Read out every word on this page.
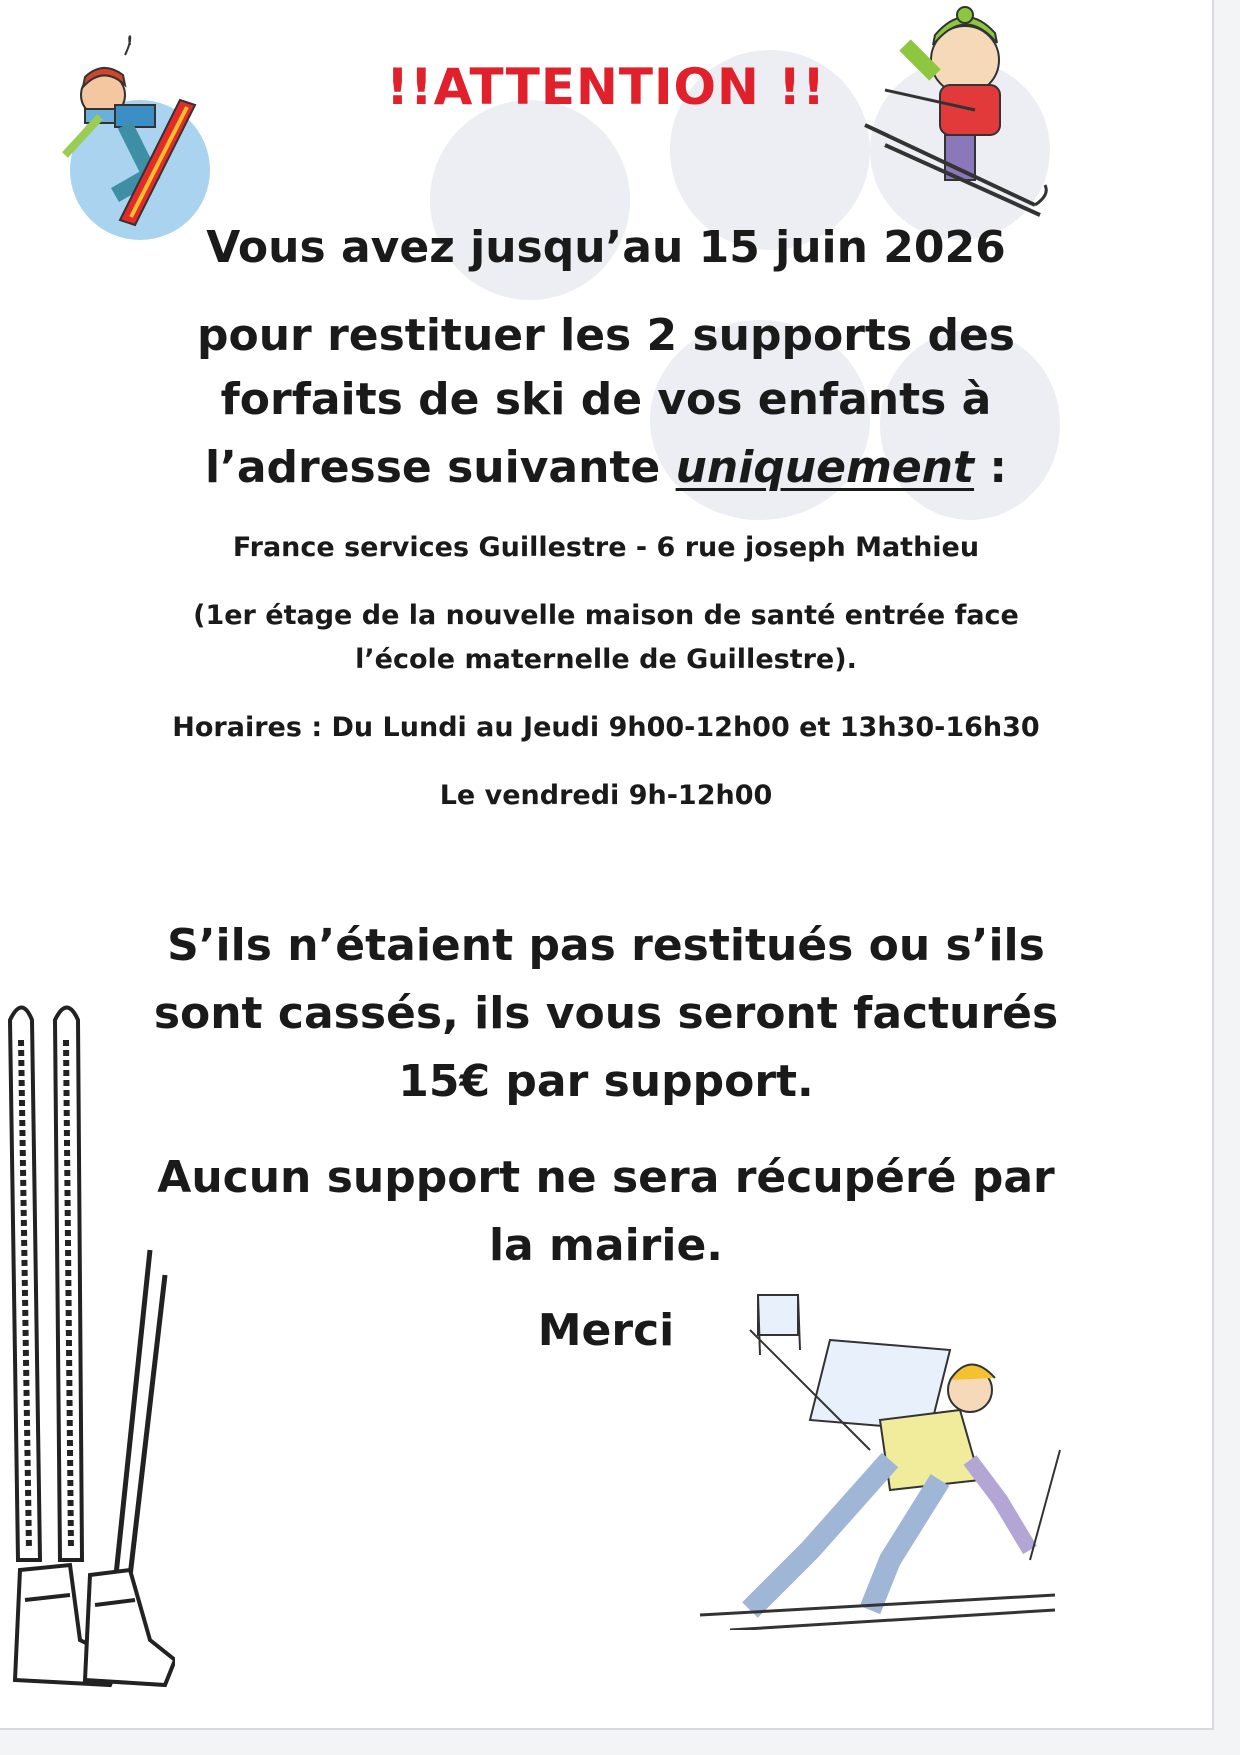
!!ATTENTION !!
Vous avez jusqu’au 15 juin 2026
pour restituer les 2 supports des
forfaits de ski de vos enfants à
l’adresse suivante uniquement :
France services Guillestre - 6 rue joseph Mathieu
(1er étage de la nouvelle maison de santé entrée face
l’école maternelle de Guillestre).
Horaires : Du Lundi au Jeudi 9h00-12h00 et 13h30-16h30
Le vendredi 9h-12h00
S’ils n’étaient pas restitués ou s’ils
sont cassés, ils vous seront facturés
15€ par support.
Aucun support ne sera récupéré par
la mairie.
Merci
